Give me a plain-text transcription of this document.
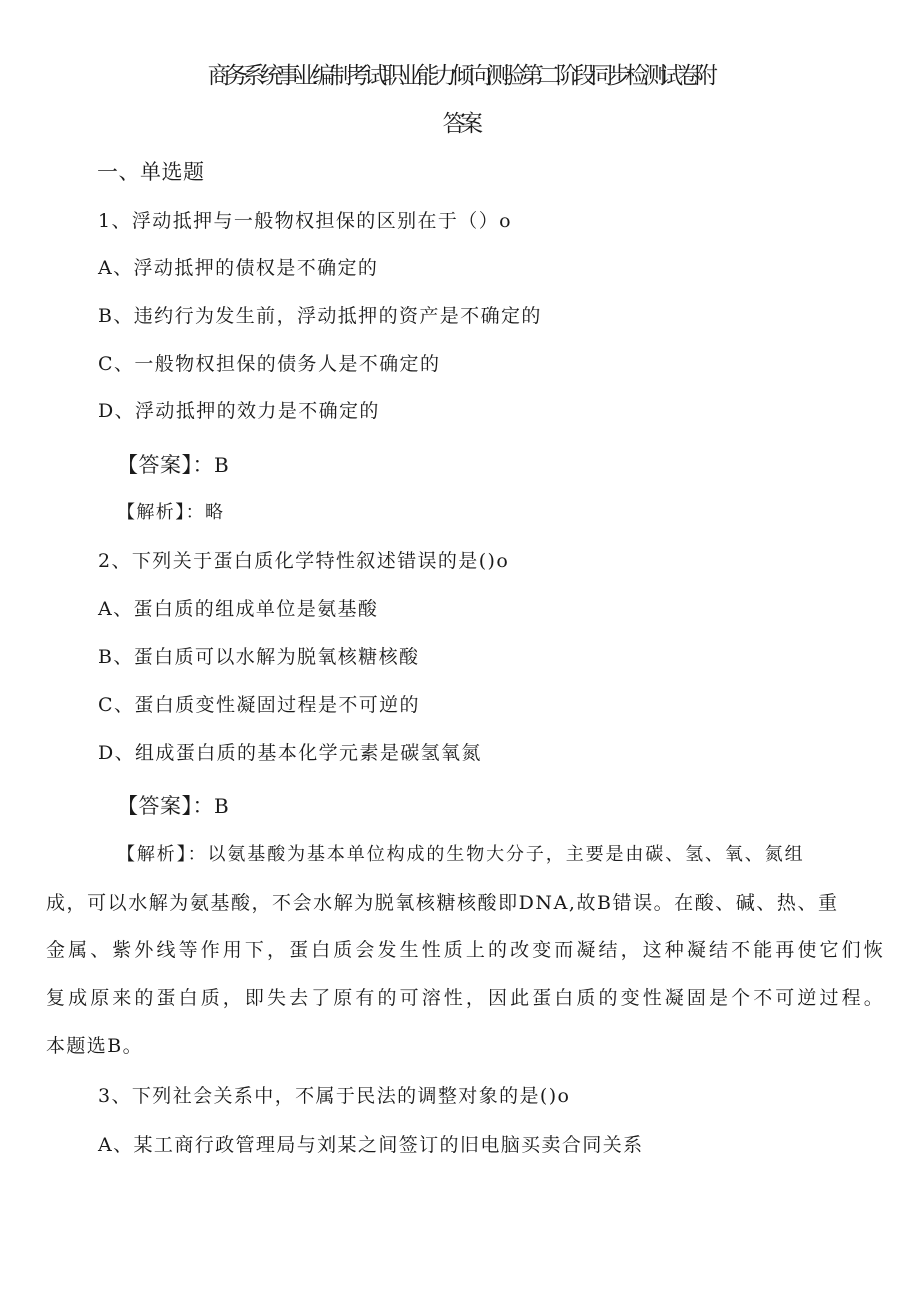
商务系统事业编制考试职业能力倾向测验第二阶段同步检测试卷附
答案
一、单选题
1、浮动抵押与一般物权担保的区别在于（）o
A、浮动抵押的债权是不确定的
B、违约行为发生前，浮动抵押的资产是不确定的
C、一般物权担保的债务人是不确定的
D、浮动抵押的效力是不确定的
【答案】：B
【解析】：略
2、下列关于蛋白质化学特性叙述错误的是()o
A、蛋白质的组成单位是氨基酸
B、蛋白质可以水解为脱氧核糖核酸
C、蛋白质变性凝固过程是不可逆的
D、组成蛋白质的基本化学元素是碳氢氧氮
【答案】：B
【解析】：以氨基酸为基本单位构成的生物大分子，主要是由碳、氢、氧、氮组
成，可以水解为氨基酸，不会水解为脱氧核糖核酸即DNA,故B错误。在酸、碱、热、重
金属、紫外线等作用下，蛋白质会发生性质上的改变而凝结，这种凝结不能再使它们恢
复成原来的蛋白质，即失去了原有的可溶性，因此蛋白质的变性凝固是个不可逆过程。
本题选B。
3、下列社会关系中，不属于民法的调整对象的是()o
A、某工商行政管理局与刘某之间签订的旧电脑买卖合同关系
